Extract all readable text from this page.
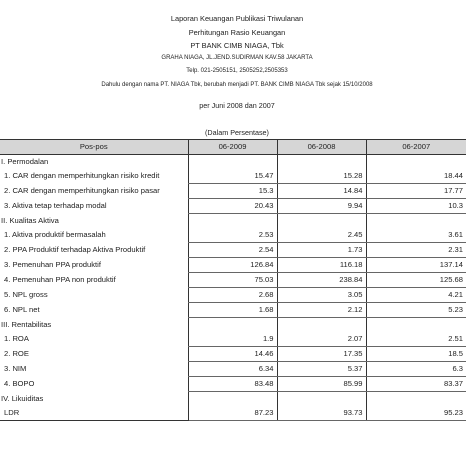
Laporan Keuangan Publikasi Triwulanan
Perhitungan Rasio Keuangan
PT BANK CIMB NIAGA, Tbk
GRAHA NIAGA, JL.JEND.SUDIRMAN KAV.58 JAKARTA
Telp. 021-2505151, 2505252,2505353
Dahulu dengan nama PT. NIAGA Tbk, berubah menjadi PT. BANK CIMB NIAGA Tbk sejak 15/10/2008
per Juni 2008 dan 2007
(Dalam Persentase)
Pos-pos	06-2009	06-2008	06-2007
I. Permodalan			
1. CAR dengan memperhitungkan risiko kredit	15.47	15.28	18.44
2. CAR dengan memperhitungkan risiko pasar	15.3	14.84	17.77
3. Aktiva tetap terhadap modal	20.43	9.94	10.3
II. Kualitas Aktiva			
1. Aktiva produktif bermasalah	2.53	2.45	3.61
2. PPA Produktif terhadap Aktiva Produktif	2.54	1.73	2.31
3. Pemenuhan PPA produktif	126.84	116.18	137.14
4. Pemenuhan PPA non produktif	75.03	238.84	125.68
5. NPL gross	2.68	3.05	4.21
6. NPL net	1.68	2.12	5.23
III. Rentabilitas			
1. ROA	1.9	2.07	2.51
2. ROE	14.46	17.35	18.5
3. NIM	6.34	5.37	6.3
4. BOPO	83.48	85.99	83.37
IV. Likuiditas			
LDR	87.23	93.73	95.23
